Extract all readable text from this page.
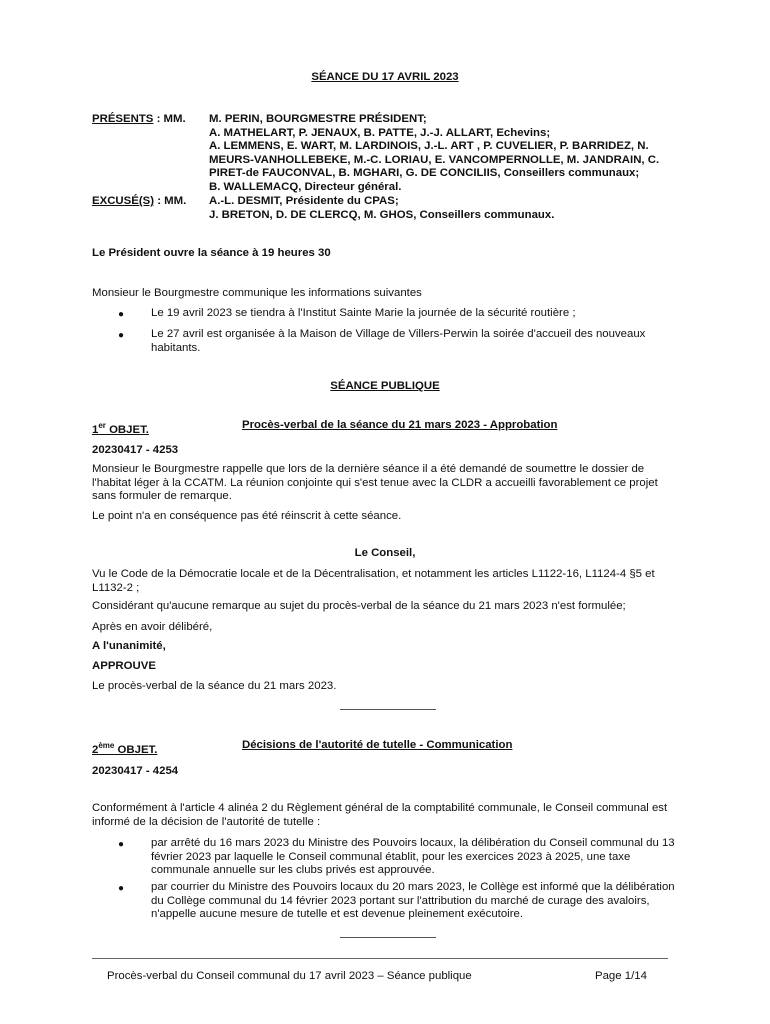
SÉANCE DU 17 AVRIL 2023
PRÉSENTS : MM. M. PERIN, BOURGMESTRE PRÉSIDENT;
A. MATHELART, P. JENAUX, B. PATTE, J.-J. ALLART, Echevins;
A. LEMMENS, E. WART, M. LARDINOIS, J.-L. ART , P. CUVELIER, P. BARRIDEZ, N.
MEURS-VANHOLLEBEKE, M.-C. LORIAU, E. VANCOMPERNOLLE, M. JANDRAIN, C.
PIRET-de FAUCONVAL, B. MGHARI, G. DE CONCILIIS, Conseillers communaux;
B. WALLEMACQ, Directeur général.
EXCUSÉ(S) : MM. A.-L. DESMIT, Présidente du CPAS;
J. BRETON, D. DE CLERCQ, M. GHOS, Conseillers communaux.
Le Président ouvre la séance à 19 heures 30
Monsieur le Bourgmestre communique les informations suivantes
● Le 19 avril 2023 se tiendra à l'Institut Sainte Marie la journée de la sécurité routière ;
● Le 27 avril est organisée à la Maison de Village de Villers-Perwin la soirée d'accueil des nouveaux habitants.
SÉANCE PUBLIQUE
1er OBJET.	Procès-verbal de la séance du 21 mars 2023 - Approbation
20230417 - 4253
Monsieur le Bourgmestre rappelle que lors de la dernière séance il a été demandé de soumettre le dossier de l'habitat léger à la CCATM. La réunion conjointe qui s'est tenue avec la CLDR a accueilli favorablement ce projet sans formuler de remarque.
Le point n'a en conséquence pas été réinscrit à cette séance.
Le Conseil,
Vu le Code de la Démocratie locale et de la Décentralisation, et notamment les articles L1122-16, L1124-4 §5 et L1132-2 ;
Considérant qu'aucune remarque au sujet du procès-verbal de la séance du 21 mars 2023 n'est formulée;
Après en avoir délibéré,
A l'unanimité,
APPROUVE
Le procès-verbal de la séance du 21 mars 2023.
2ème OBJET.	Décisions de l'autorité de tutelle - Communication
20230417 - 4254
Conformément à l'article 4 alinéa 2 du Règlement général de la comptabilité communale, le Conseil communal est informé de la décision de l'autorité de tutelle :
● par arrêté du 16 mars 2023 du Ministre des Pouvoirs locaux, la délibération du Conseil communal du 13 février 2023 par laquelle le Conseil communal établit, pour les exercices 2023 à 2025, une taxe communale annuelle sur les clubs privés est approuvée.
● par courrier du Ministre des Pouvoirs locaux du 20 mars 2023, le Collège est informé que la délibération du Collège communal du 14 février 2023 portant sur l'attribution du marché de curage des avaloirs, n'appelle aucune mesure de tutelle et est devenue pleinement exécutoire.
Procès-verbal du Conseil communal du 17 avril 2023 – Séance publique	Page 1/14
